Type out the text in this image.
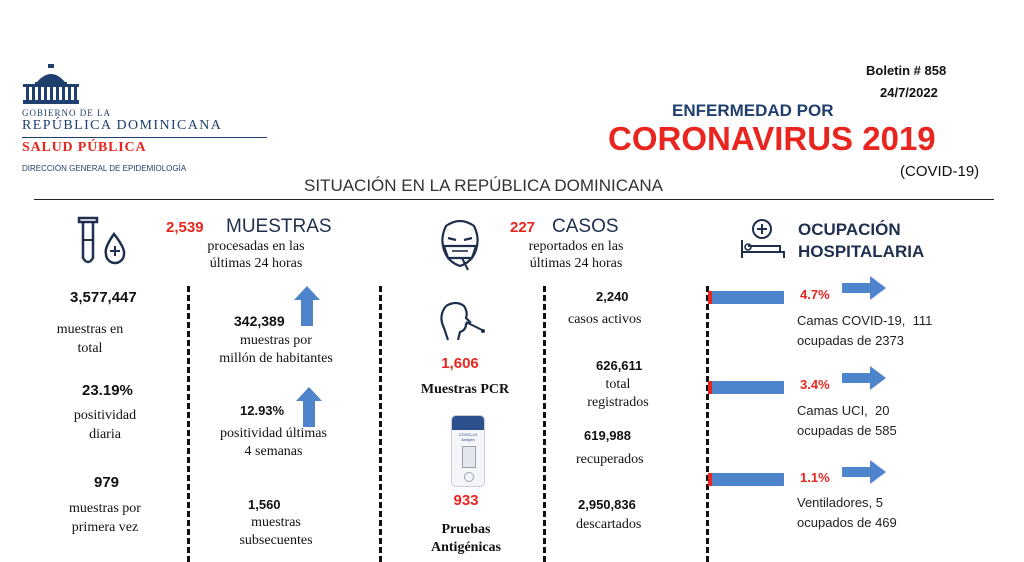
GOBIERNO DE LA
REPÚBLICA DOMINICANA
SALUD PÚBLICA
DIRECCIÓN GENERAL DE EPIDEMIOLOGÍA
Boletin # 858
24/7/2022
ENFERMEDAD POR
CORONAVIRUS 2019
(COVID-19)
SITUACIÓN EN LA REPÚBLICA DOMINICANA
2,539 MUESTRAS
procesadas en las
últimas 24 horas
3,577,447
muestras en
total
23.19%
positividad
diaria
979
muestras por
primera vez
342,389
muestras por
millón de habitantes
12.93%
positividad últimas
4 semanas
1,560
muestras
subsecuentes
1,606
Muestras PCR
COVID-19
Antigen
933
Pruebas
Antigénicas
227 CASOS
reportados en las
últimas 24 horas
2,240
casos activos
626,611
total
registrados
619,988
recuperados
2,950,836
descartados
OCUPACIÓN
HOSPITALARIA
4.7%
Camas COVID-19,  111
ocupadas de 2373
3.4%
Camas UCI,  20
ocupadas de 585
1.1%
Ventiladores, 5
ocupados de 469
